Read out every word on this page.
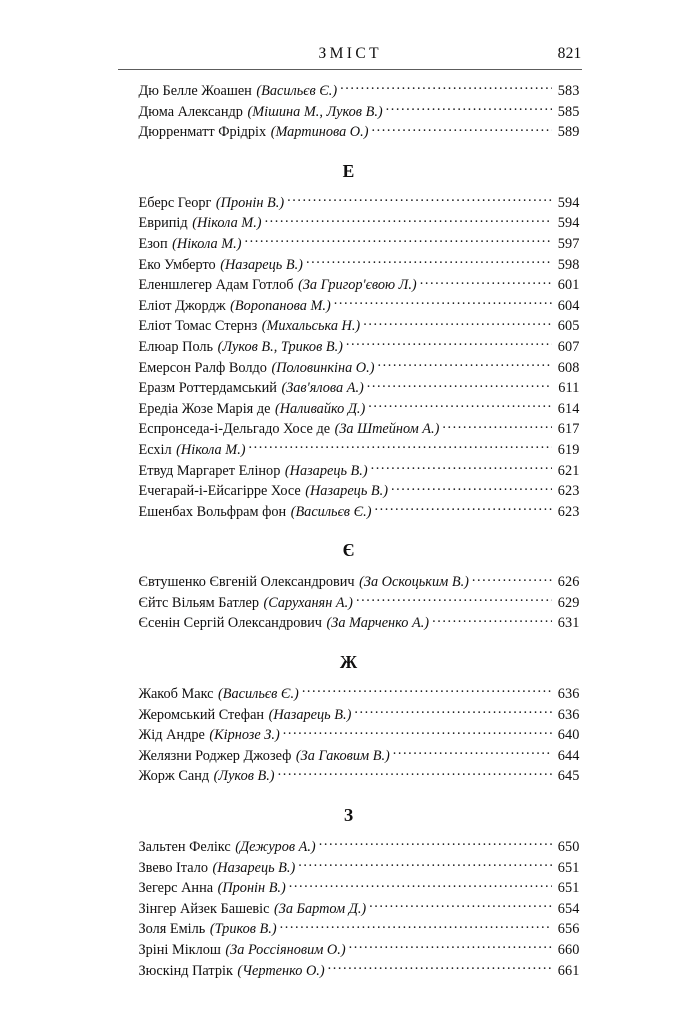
ЗМІСТ	821
Дю Белле Жоашен (Васильєв Є.) .....	583
Дюма Александр (Мішина М., Луков В.) .....	585
Дюрренматт Фрідріх (Мартинова О.) .....	589
Е
Еберс Георг (Пронін В.) .....	594
Еврипід (Нікола М.) .....	594
Езоп (Нікола М.) .....	597
Еко Умберто (Назарець В.) .....	598
Еленшлегер Адам Готлоб (За Григор'євою Л.) .....	601
Еліот Джордж (Воропанова М.) .....	604
Еліот Томас Стернз (Михальська Н.) .....	605
Елюар Поль (Луков В., Триков В.) .....	607
Емерсон Ралф Волдо (Половинкіна О.) .....	608
Еразм Роттердамський (Зав'ялова А.) .....	611
Ередіа Жозе Марія де (Наливайко Д.) .....	614
Еспронседа-і-Дельгадо Хосе де (За Штейном А.) .....	617
Есхіл (Нікола М.) .....	619
Етвуд Маргарет Елінор (Назарець В.) .....	621
Ечегарай-і-Ейсагірре Хосе (Назарець В.) .....	623
Ешенбах Вольфрам фон (Васильєв Є.) .....	623
Є
Євтушенко Євгеній Олександрович (За Оскоцьким В.) .....	626
Єйтс Вільям Батлер (Саруханян А.) .....	629
Єсенін Сергій Олександрович (За Марченко А.) .....	631
Ж
Жакоб Макс (Васильєв Є.) .....	636
Жеромський Стефан (Назарець В.) .....	636
Жід Андре (Кірнозе З.) .....	640
Желязни Роджер Джозеф (За Гаковим В.) .....	644
Жорж Санд (Луков В.) .....	645
З
Зальтен Фелікс (Дежуров А.) .....	650
Звево Італо (Назарець В.) .....	651
Зегерс Анна (Пронін В.) .....	651
Зінгер Айзек Башевіс (За Бартом Д.) .....	654
Золя Еміль (Триков В.) .....	656
Зріні Міклош (За Россіяновим О.) .....	660
Зюскінд Патрік (Чертенко О.) .....	661
